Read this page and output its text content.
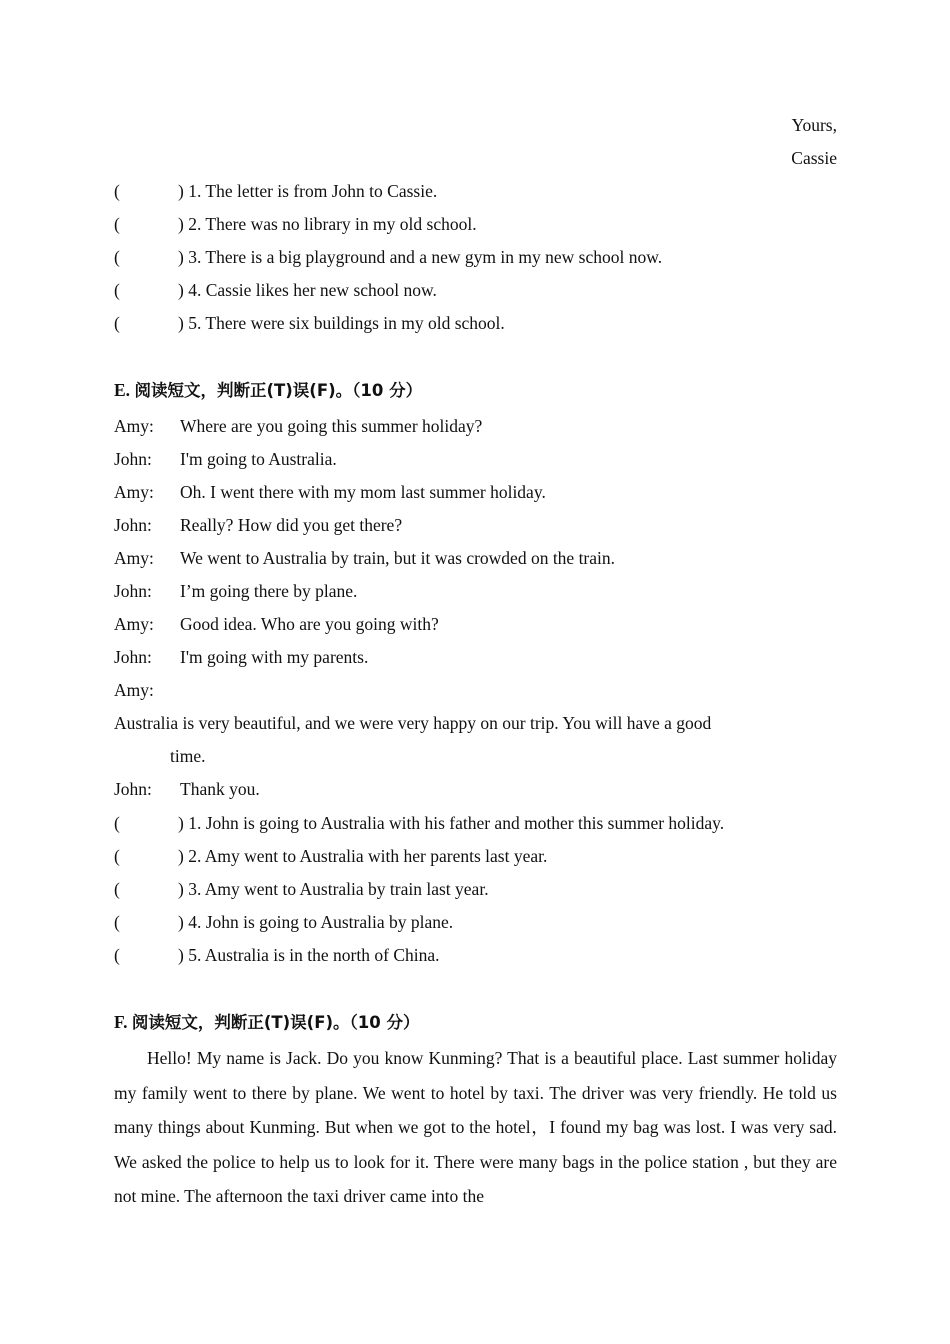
Yours,
Cassie
(	) 1. The letter is from John to Cassie.
(	) 2. There was no library in my old school.
(	) 3. There is a big playground and a new gym in my new school now.
(	) 4. Cassie likes her new school now.
(	) 5. There were six buildings in my old school.
E. 阅读短文，判断正(T)误(F)。（10 分）
Amy: Where are you going this summer holiday?
John: I'm going to Australia.
Amy: Oh. I went there with my mom last summer holiday.
John: Really? How did you get there?
Amy: We went to Australia by train, but it was crowded on the train.
John: I’m going there by plane.
Amy: Good idea. Who are you going with?
John: I'm going with my parents.
Amy:
Australia is very beautiful, and we were very happy on our trip. You will have a good
time.
John: Thank you.
(	) 1. John is going to Australia with his father and mother this summer holiday.
(	) 2. Amy went to Australia with her parents last year.
(	) 3. Amy went to Australia by train last year.
(	) 4. John is going to Australia by plane.
(	) 5. Australia is in the north of China.
F. 阅读短文，判断正(T)误(F)。（10 分）
Hello! My name is Jack. Do you know Kunming? That is a beautiful place. Last summer holiday my family went to there by plane. We went to hotel by taxi. The driver was very friendly. He told us many things about Kunming. But when we got to the hotel，I found my bag was lost. I was very sad. We asked the police to help us to look for it. There were many bags in the police station , but they are not mine. The afternoon the taxi driver came into the
